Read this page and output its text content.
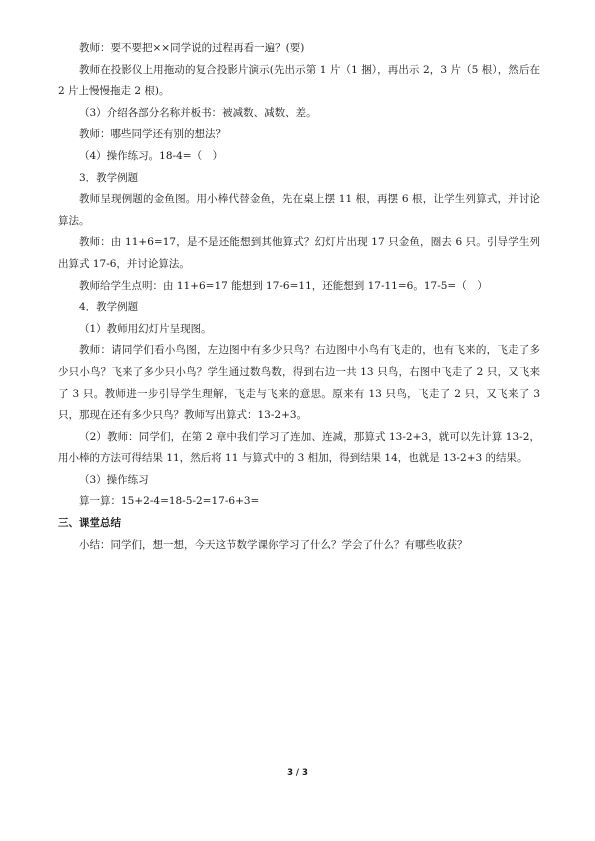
教师：要不要把××同学说的过程再看一遍？(要)

教师在投影仪上用拖动的复合投影片演示(先出示第 1 片（1 捆），再出示 2，3 片（5 根），然后在 2 片上慢慢拖走 2 根)。

（3）介绍各部分名称并板书：被减数、减数、差。

教师：哪些同学还有别的想法？

（4）操作练习。18-4=（　）

3．教学例题

教师呈现例题的金鱼图。用小棒代替金鱼，先在桌上摆 11 根，再摆 6 根，让学生列算式，并讨论算法。

教师：由 11+6=17，是不是还能想到其他算式？幻灯片出现 17 只金鱼，圈去 6 只。引导学生列出算式 17-6，并讨论算法。

教师给学生点明：由 11+6=17 能想到 17-6=11，还能想到 17-11=6。17-5=（　）

4．教学例题

（1）教师用幻灯片呈现图。

教师：请同学们看小鸟图，左边图中有多少只鸟？右边图中小鸟有飞走的，也有飞来的，飞走了多少只小鸟？飞来了多少只小鸟？学生通过数鸟数，得到右边一共 13 只鸟，右图中飞走了 2 只，又飞来了 3 只。教师进一步引导学生理解，飞走与飞来的意思。原来有 13 只鸟，飞走了 2 只，又飞来了 3 只，那现在还有多少只鸟？教师写出算式：13-2+3。

（2）教师：同学们，在第 2 章中我们学习了连加、连减，那算式 13-2+3，就可以先计算 13-2，用小棒的方法可得结果 11，然后将 11 与算式中的 3 相加，得到结果 14，也就是 13-2+3 的结果。

（3）操作练习

算一算：15+2-4=18-5-2=17-6+3=

三、课堂总结

小结：同学们，想一想，今天这节数学课你学习了什么？学会了什么？有哪些收获？

3 / 3
